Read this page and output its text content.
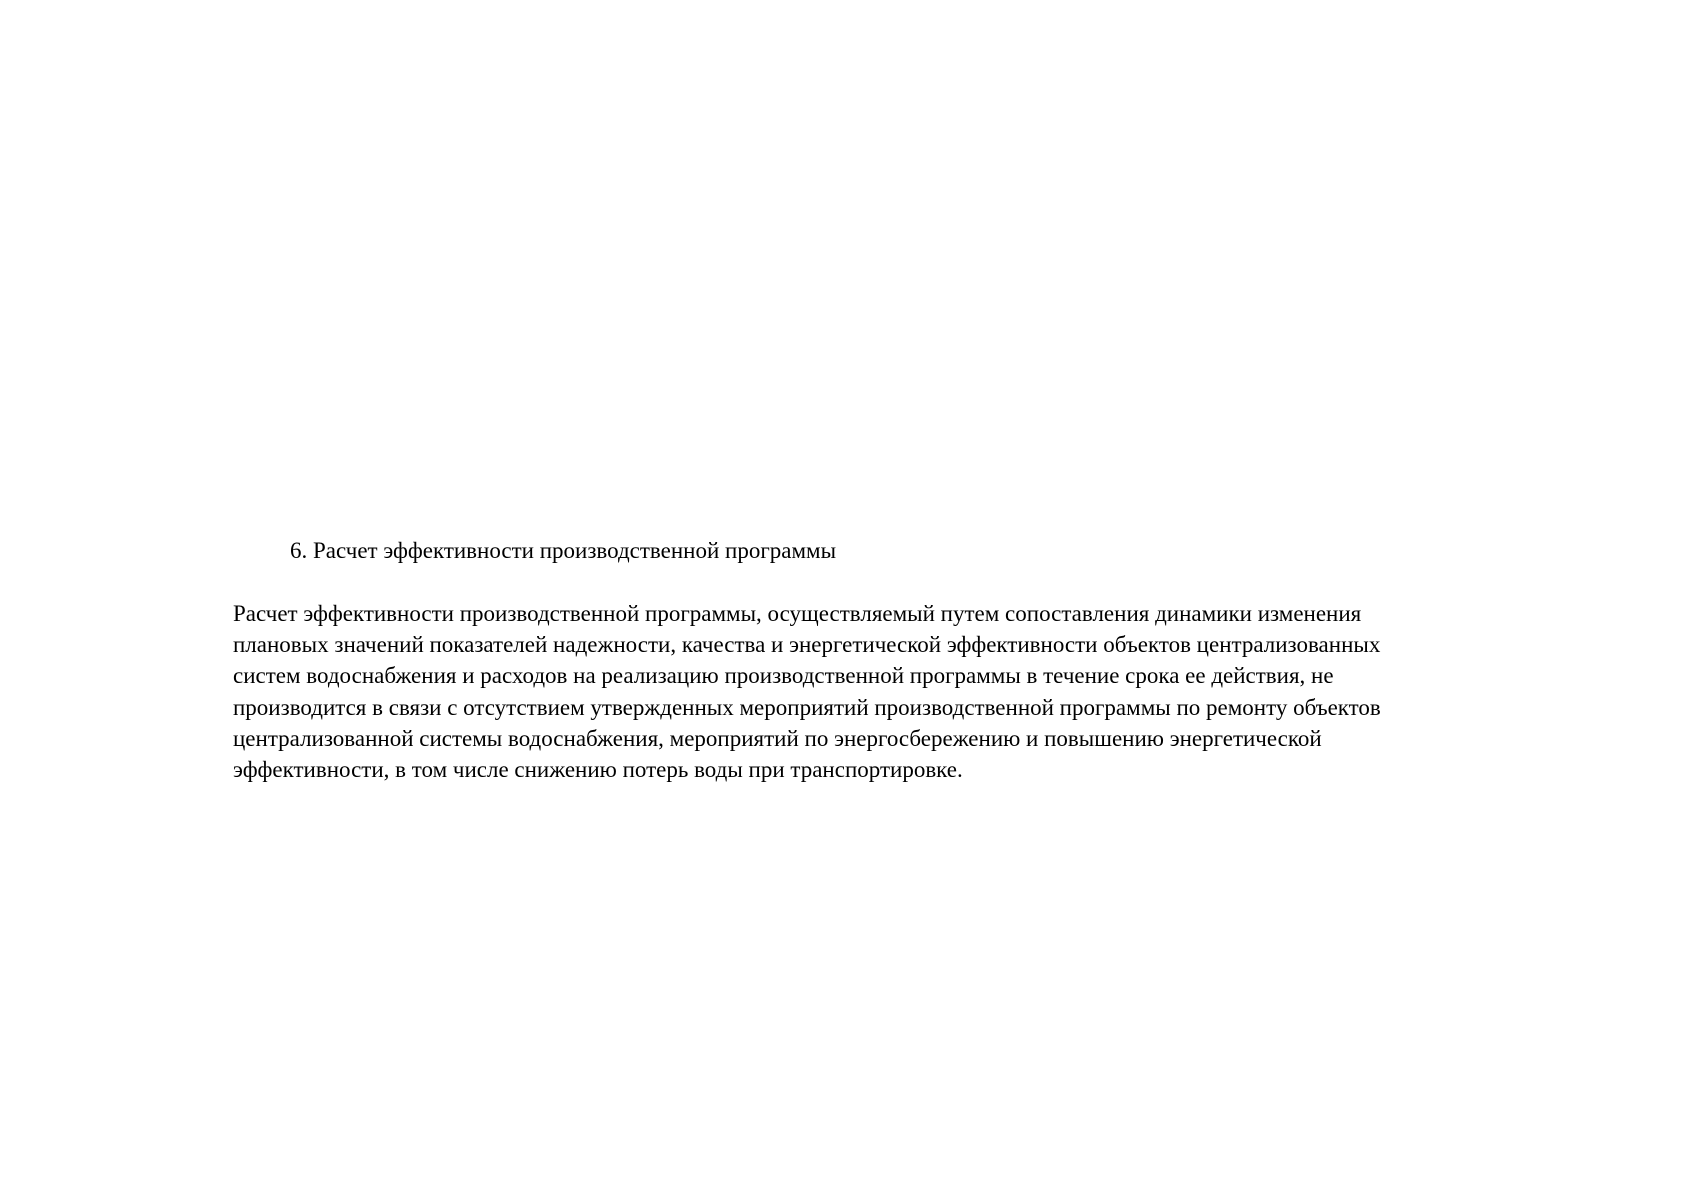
6. Расчет эффективности производственной программы

Расчет эффективности производственной программы, осуществляемый путем сопоставления динамики изменения
плановых значений показателей надежности, качества и энергетической эффективности объектов централизованных
систем водоснабжения и расходов на реализацию производственной программы в течение срока ее действия, не
производится в связи с отсутствием утвержденных мероприятий производственной программы по ремонту объектов
централизованной системы водоснабжения, мероприятий по энергосбережению и повышению энергетической
эффективности, в том числе снижению потерь воды при транспортировке.
